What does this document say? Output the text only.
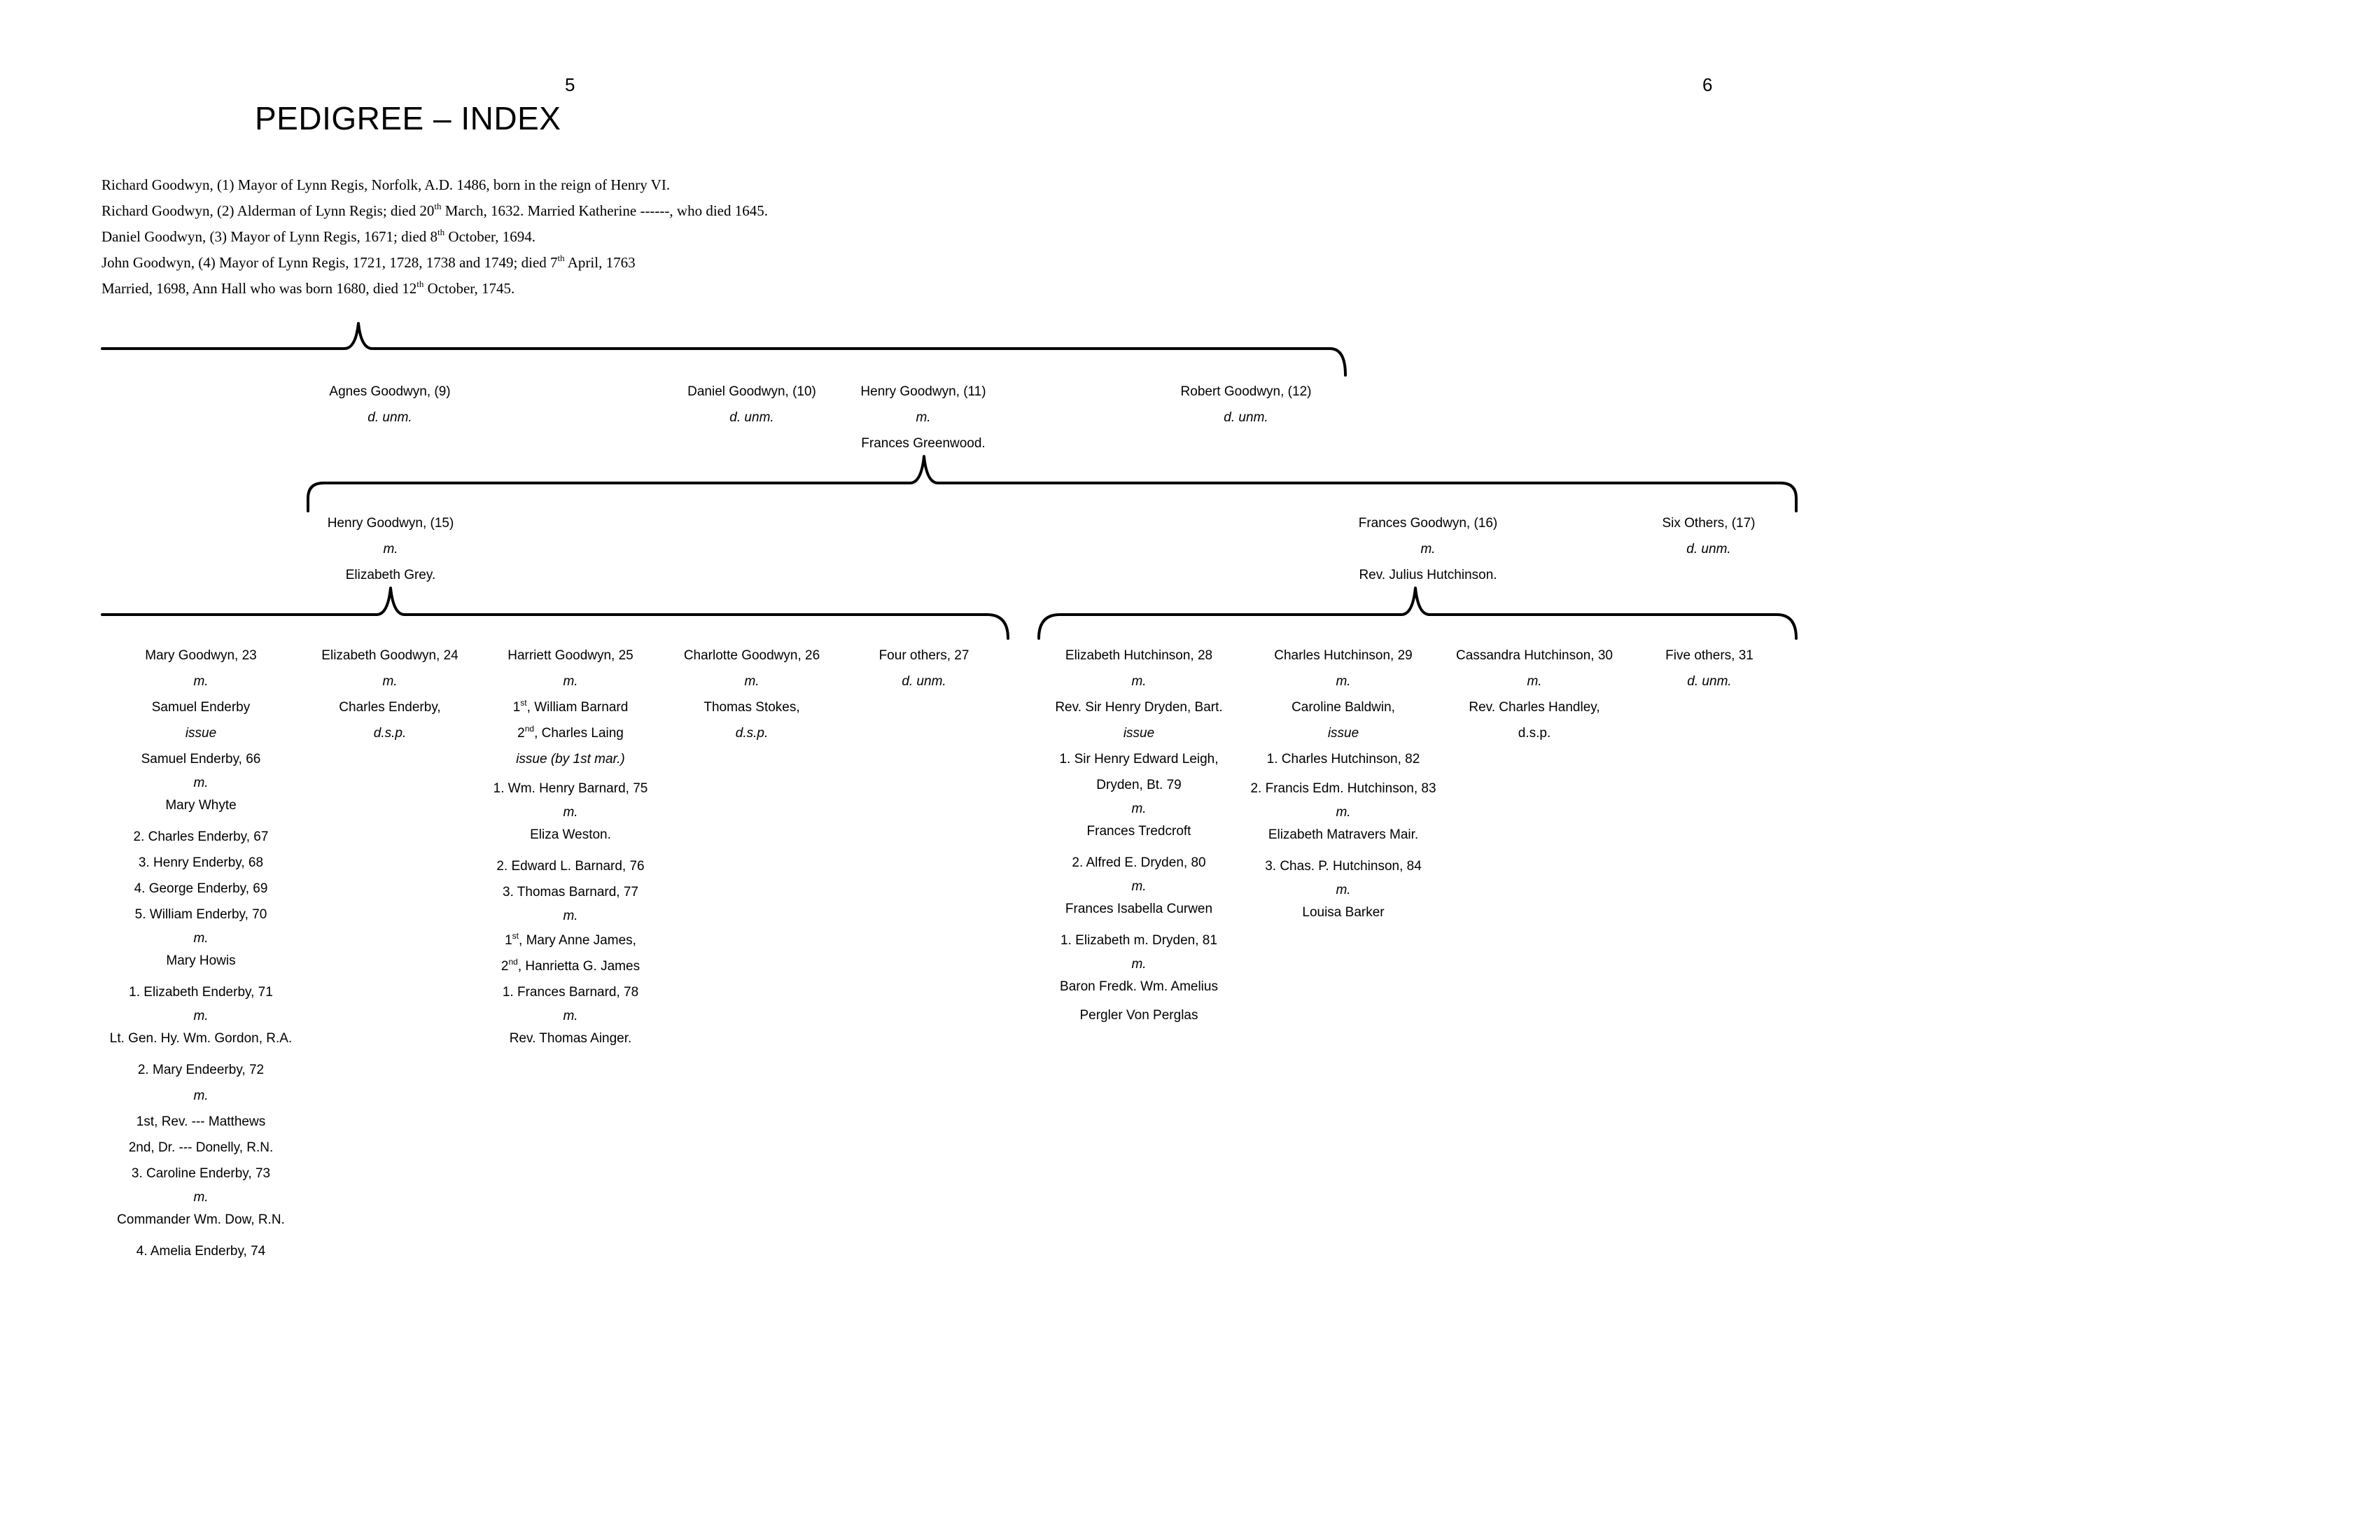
5	6
PEDIGREE – INDEX
Richard Goodwyn, (1) Mayor of Lynn Regis, Norfolk, A.D. 1486, born in the reign of Henry VI.
Richard Goodwyn, (2) Alderman of Lynn Regis; died 20th March, 1632. Married Katherine ------, who died 1645.
Daniel Goodwyn, (3) Mayor of Lynn Regis, 1671; died 8th October, 1694.
John Goodwyn, (4) Mayor of Lynn Regis, 1721, 1728, 1738 and 1749; died 7th April, 1763
Married, 1698, Ann Hall who was born 1680, died 12th October, 1745.
Agnes Goodwyn, (9)
d. unm.
Daniel Goodwyn, (10)
d. unm.
Henry Goodwyn, (11)
m.
Frances Greenwood.
Robert Goodwyn, (12)
d. unm.
Henry Goodwyn, (15)
m.
Elizabeth Grey.
Frances Goodwyn, (16)
m.
Rev. Julius Hutchinson.
Six Others, (17)
d. unm.
Mary Goodwyn, 23
m.
Samuel Enderby
issue
Samuel Enderby, 66
m.
Mary Whyte
2. Charles Enderby, 67
3. Henry Enderby, 68
4. George Enderby, 69
5. William Enderby, 70
m.
Mary Howis
1. Elizabeth Enderby, 71
m.
Lt. Gen. Hy. Wm. Gordon, R.A.
2. Mary Endeerby, 72
m.
1st, Rev. --- Matthews
2nd, Dr. --- Donelly, R.N.
3. Caroline Enderby, 73
m.
Commander Wm. Dow, R.N.
4. Amelia Enderby, 74
Elizabeth Goodwyn, 24
m.
Charles Enderby,
d.s.p.
Harriett Goodwyn, 25
m.
1st, William Barnard
2nd, Charles Laing
issue (by 1st mar.)
1. Wm. Henry Barnard, 75
m.
Eliza Weston.
2. Edward L. Barnard, 76
3. Thomas Barnard, 77
m.
1st, Mary Anne James,
2nd, Hanrietta G. James
1. Frances Barnard, 78
m.
Rev. Thomas Ainger.
Charlotte Goodwyn, 26
m.
Thomas Stokes,
d.s.p.
Four others, 27
d. unm.
Elizabeth Hutchinson, 28
m.
Rev. Sir Henry Dryden, Bart.
issue
1. Sir Henry Edward Leigh,
Dryden, Bt. 79
m.
Frances Tredcroft
2. Alfred E. Dryden, 80
m.
Frances Isabella Curwen
1. Elizabeth m. Dryden, 81
m.
Baron Fredk. Wm. Amelius
Pergler Von Perglas
Charles Hutchinson, 29
m.
Caroline Baldwin,
issue
1. Charles Hutchinson, 82
2. Francis Edm. Hutchinson, 83
m.
Elizabeth Matravers Mair.
3. Chas. P. Hutchinson, 84
m.
Louisa Barker
Cassandra Hutchinson, 30
m.
Rev. Charles Handley,
d.s.p.
Five others, 31
d. unm.
